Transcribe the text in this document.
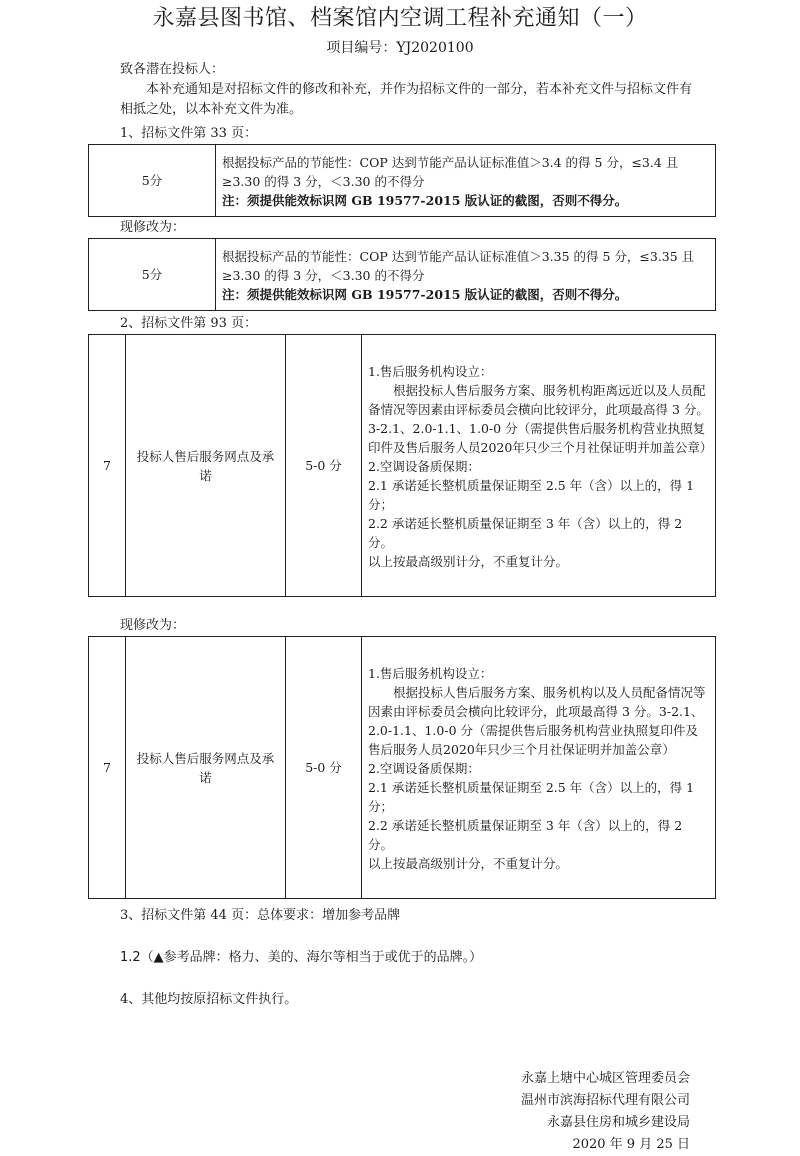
永嘉县图书馆、档案馆内空调工程补充通知（一）
项目编号：YJ2020100
致各潜在投标人：
本补充通知是对招标文件的修改和补充，并作为招标文件的一部分，若本补充文件与招标文件有相抵之处，以本补充文件为准。
1、招标文件第 33 页：
5分	根据投标产品的节能性：COP 达到节能产品认证标准值＞3.4 的得 5 分，≤3.4 且≥3.30 的得 3 分，＜3.30 的不得分
注：须提供能效标识网 GB 19577-2015 版认证的截图，否则不得分。
现修改为：
5分	根据投标产品的节能性：COP 达到节能产品认证标准值＞3.35 的得 5 分，≤3.35 且≥3.30 的得 3 分，＜3.30 的不得分
注：须提供能效标识网 GB 19577-2015 版认证的截图，否则不得分。
2、招标文件第 93 页：
7	投标人售后服务网点及承诺	5-0 分	

1.售后服务机构设立：

根据投标人售后服务方案、服务机构距离远近以及人员配备情况等因素由评标委员会横向比较评分，此项最高得 3 分。3-2.1、2.0-1.1、1.0-0 分（需提供售后服务机构营业执照复印件及售后服务人员2020年只少三个月社保证明并加盖公章）

2.空调设备质保期：

2.1 承诺延长整机质量保证期至 2.5 年（含）以上的，得 1 分；

2.2 承诺延长整机质量保证期至 3 年（含）以上的，得 2 分。

以上按最高级别计分，不重复计分。

现修改为：
7	投标人售后服务网点及承诺	5-0 分	

1.售后服务机构设立：

根据投标人售后服务方案、服务机构以及人员配备情况等因素由评标委员会横向比较评分，此项最高得 3 分。3-2.1、2.0-1.1、1.0-0 分（需提供售后服务机构营业执照复印件及售后服务人员2020年只少三个月社保证明并加盖公章）

2.空调设备质保期：

2.1 承诺延长整机质量保证期至 2.5 年（含）以上的，得 1 分；

2.2 承诺延长整机质量保证期至 3 年（含）以上的，得 2 分。

以上按最高级别计分，不重复计分。

3、招标文件第 44 页：总体要求：增加参考品牌
1.2（▲参考品牌：格力、美的、海尔等相当于或优于的品牌。）
4、其他均按原招标文件执行。
永嘉上塘中心城区管理委员会
温州市滨海招标代理有限公司
永嘉县住房和城乡建设局
2020 年 9 月 25 日
